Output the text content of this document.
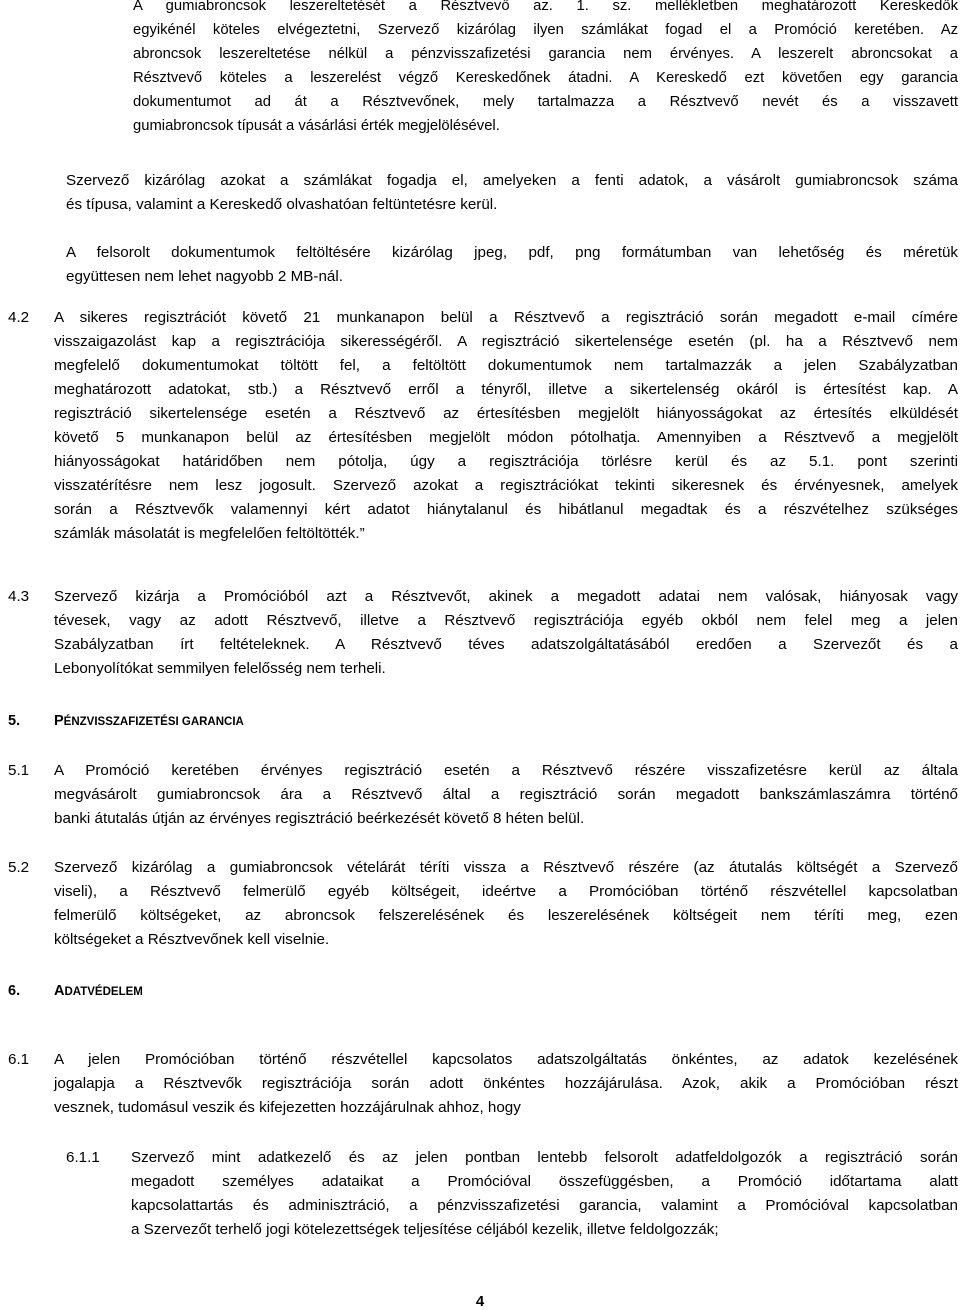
A gumiabroncsok leszereltetését a Résztvevő az. 1. sz. mellékletben meghatározott Kereskedők
egyikénél köteles elvégeztetni, Szervező kizárólag ilyen számlákat fogad el a Promóció keretében. Az
abroncsok leszereltetése nélkül a pénzvisszafizetési garancia nem érvényes. A leszerelt abroncsokat a
Résztvevő köteles a leszerelést végző Kereskedőnek átadni. A Kereskedő ezt követően egy garancia
dokumentumot ad át a Résztvevőnek, mely tartalmazza a Résztvevő nevét és a visszavett
gumiabroncsok típusát a vásárlási érték megjelölésével.
Szervező kizárólag azokat a számlákat fogadja el, amelyeken a fenti adatok, a vásárolt gumiabroncsok száma
és típusa, valamint a Kereskedő olvashatóan feltüntetésre kerül.
A felsorolt dokumentumok feltöltésére kizárólag jpeg, pdf, png formátumban van lehetőség és méretük
együttesen nem lehet nagyobb 2 MB-nál.
4.2 A sikeres regisztrációt követő 21 munkanapon belül a Résztvevő a regisztráció során megadott e-mail címére
visszaigazolást kap a regisztrációja sikerességéről. A regisztráció sikertelensége esetén (pl. ha a Résztvevő nem
megfelelő dokumentumokat töltött fel, a feltöltött dokumentumok nem tartalmazzák a jelen Szabályzatban
meghatározott adatokat, stb.) a Résztvevő erről a tényről, illetve a sikertelenség okáról is értesítést kap. A
regisztráció sikertelensége esetén a Résztvevő az értesítésben megjelölt hiányosságokat az értesítés elküldését
követő 5 munkanapon belül az értesítésben megjelölt módon pótolhatja. Amennyiben a Résztvevő a megjelölt
hiányosságokat határidőben nem pótolja, úgy a regisztrációja törlésre kerül és az 5.1. pont szerinti
visszatérítésre nem lesz jogosult. Szervező azokat a regisztrációkat tekinti sikeresnek és érvényesnek, amelyek
során a Résztvevők valamennyi kért adatot hiánytalanul és hibátlanul megadtak és a részvételhez szükséges
számlák másolatát is megfelelően feltöltötték.”
4.3 Szervező kizárja a Promócióból azt a Résztvevőt, akinek a megadott adatai nem valósak, hiányosak vagy
tévesek, vagy az adott Résztvevő, illetve a Résztvevő regisztrációja egyéb okból nem felel meg a jelen
Szabályzatban írt feltételeknek. A Résztvevő téves adatszolgáltatásából eredően a Szervezőt és a
Lebonyolítókat semmilyen felelősség nem terheli.
5. PÉNZVISSZAFIZETÉSI GARANCIA
5.1 A Promóció keretében érvényes regisztráció esetén a Résztvevő részére visszafizetésre kerül az általa
megvásárolt gumiabroncsok ára a Résztvevő által a regisztráció során megadott bankszámlaszámra történő
banki átutalás útján az érvényes regisztráció beérkezését követő 8 héten belül.
5.2 Szervező kizárólag a gumiabroncsok vételárát téríti vissza a Résztvevő részére (az átutalás költségét a Szervező
viseli), a Résztvevő felmerülő egyéb költségeit, ideértve a Promócióban történő részvétellel kapcsolatban
felmerülő költségeket, az abroncsok felszerelésének és leszerelésének költségeit nem téríti meg, ezen
költségeket a Résztvevőnek kell viselnie.
6. ADATVÉDELEM
6.1 A jelen Promócióban történő részvétellel kapcsolatos adatszolgáltatás önkéntes, az adatok kezelésének
jogalapja a Résztvevők regisztrációja során adott önkéntes hozzájárulása. Azok, akik a Promócióban részt
vesznek, tudomásul veszik és kifejezetten hozzájárulnak ahhoz, hogy
6.1.1 Szervező mint adatkezelő és az jelen pontban lentebb felsorolt adatfeldolgozók a regisztráció során
megadott személyes adataikat a Promócióval összefüggésben, a Promóció időtartama alatt
kapcsolattartás és adminisztráció, a pénzvisszafizetési garancia, valamint a Promócióval kapcsolatban
a Szervezőt terhelő jogi kötelezettségek teljesítése céljából kezelik, illetve feldolgozzák;
4
